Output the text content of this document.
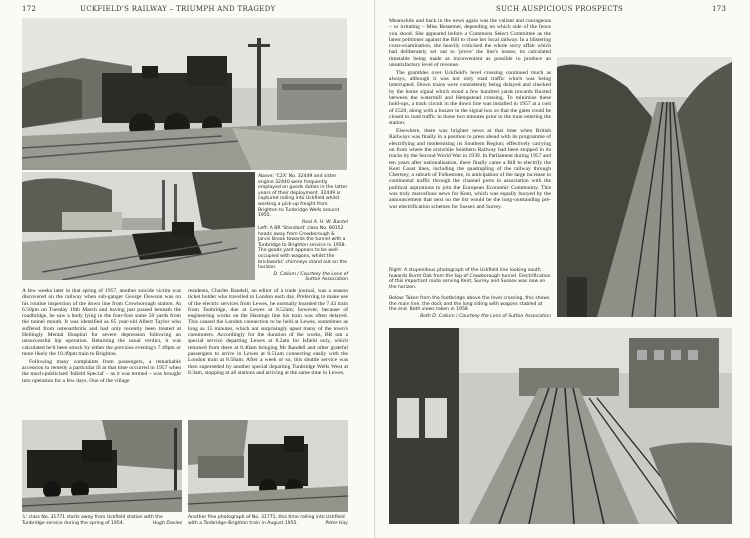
172	UCKFIELD'S RAILWAY – TRIUMPH AND TRAGEDY

Above: 'C2X' No. 32449 and sister engine 32440 were frequently employed on goods duties in the latter years of their deployment. 32449 is captured rolling into Uckfield whilst working a pick-up freight from Brighton to Tunbridge Wells around 1955.

Real A. H. W. Bantel

Left: A BR 'Standard' class No. 80152 heads away from Crowborough & Jarvis Brook towards the tunnel with a Tunbridge to Brighton service in 1958. The goods yard appears to be well-occupied with wagons, whilst the brickworks' chimneys stand out on the horizon.

D. Callum / Courtesy the Lens of Sutton Association

A few weeks later in that spring of 1957, another suicide victim was discovered on the railway when sub-ganger George Dowson was on his routine inspection of the down line from Crowborough station. At 6.50pm on Tuesday 19th March and having just passed beneath the roadbridge, he saw a body lying in the four-foot some 50 yards from the tunnel mouth. It was identified as 65 year-old Albert Taylor who suffered from osteoarthritis and had only recently been treated at Hellingly Mental Hospital for severe depression following an unsuccessful hip operation. Returning the usual verdict, it was calculated he'd been struck by either the previous evening's 7.49pm or more likely the 10.49pm train to Brighton.

Following many complaints from passengers, a remarkable accession to remedy a particular ill at that time occurred in 1957 when the much-publicised 'Infield Special' – as it was termed – was brought into operation for a few days. One of the village

residents, Charles Randell, an editor of a trade journal, was a season ticket holder who travelled to London each day. Preferring to make use of the electric services from Lewes, he normally boarded the 7.43 train from Tonbridge, due at Lewes at 8.52am; however, because of engineering works on the Hastings line his train was often delayed. This caused the London connection to be held at Lewes, sometimes as long as 15 minutes, which not surprisingly upset many of the town's commuters. Accordingly for the duration of the works, BR ran a special service departing Lewes at 8.2am for Isfield only, which returned from there at 8.40am bringing Mr Randell and other grateful passengers to arrive in Lewes at 8.51am connecting easily with the London train at 8.58am. After a week or so, this shuttle service was then superseded by another special departing Tunbridge Wells West at 8.3am, stopping at all stations and arriving at the same time in Lewes.

'L' class No. 31771 starts away from Uckfield station with the Tunbridge service during the spring of 1954.	Hugh Davies

Another fine photograph of No. 31771, this time rolling into Uckfield with a Tonbridge–Brighton train in August 1955.	Peter Hay

SUCH AUSPICIOUS PROSPECTS	173

Meanwhile and back in the news again was the valiant and courageous – or irritating – Miss Bessemer, depending on which side of the fence you stood. She appeared before a Commons Select Committee as the latest petitioner against the Bill to close her local railway. In a blistering cross-examination, she heavily criticised the whole sorry affair which had deliberately set out to 'prove' the line's losses; its calculated timetable being made as inconvenient as possible to produce an unsatisfactory level of revenue.

The grumbles over Uckfield's level crossing continued much as always, although it was not only road traffic which was being interrupted. Down trains were consistently being delayed and checked by the home signal which stood a few hundred yards towards Buxted between the watermill and Hempstead crossing. To minimise these hold-ups, a track circuit in the down line was installed in 1957 at a cost of £520, along with a buzzer in the signal box so that the gates could be closed to road traffic in those two minutes prior to the train entering the station.

Elsewhere, there was brighter news at that time when British Railways was finally in a position to press ahead with its programme of electrifying and modernising its Southern Region; effectively carrying on from where the erstwhile Southern Railway had been stopped in its tracks by the Second World War in 1939. In Parliament during 1957 and ten years after nationalisation, there finally came a Bill to electrify the Kent Coast lines, including the quadrupling of the railway through Chertsey, a suburb of Folkestone, in anticipation of the large increase in continental traffic through the channel ports in association with the political aspirations to join the European Economic Community. This was truly marvellous news for Kent, which was equally buoyed by the announcement that next on the list would be the long-outstanding pre-war electrification schemes for Sussex and Surrey.

Right: A stupendous photograph of the Uckfield line looking south towards Burnt Oak from the top of Crowborough tunnel. Electrification of this important route serving Kent, Surrey and Sussex was now on the horizon.

Below: Taken from the footbridge above the level crossing, this shows the main line, the dock and the long siding with wagons stabled at the end. Both views taken in 1958.

Both D. Callum / Courtesy the Lens of Sutton Association
